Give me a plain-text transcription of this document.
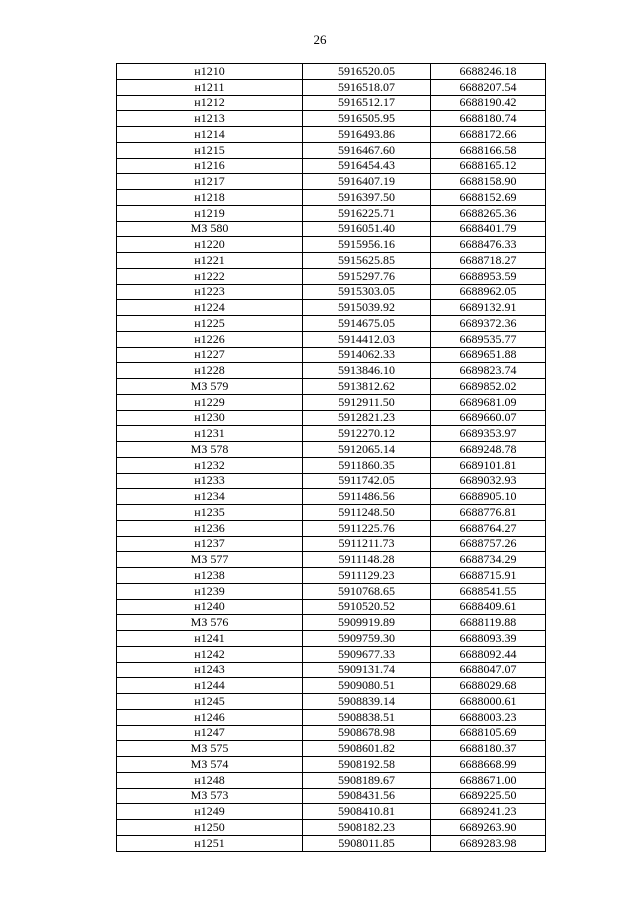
26
н1210	5916520.05	6688246.18
н1211	5916518.07	6688207.54
н1212	5916512.17	6688190.42
н1213	5916505.95	6688180.74
н1214	5916493.86	6688172.66
н1215	5916467.60	6688166.58
н1216	5916454.43	6688165.12
н1217	5916407.19	6688158.90
н1218	5916397.50	6688152.69
н1219	5916225.71	6688265.36
МЗ 580	5916051.40	6688401.79
н1220	5915956.16	6688476.33
н1221	5915625.85	6688718.27
н1222	5915297.76	6688953.59
н1223	5915303.05	6688962.05
н1224	5915039.92	6689132.91
н1225	5914675.05	6689372.36
н1226	5914412.03	6689535.77
н1227	5914062.33	6689651.88
н1228	5913846.10	6689823.74
МЗ 579	5913812.62	6689852.02
н1229	5912911.50	6689681.09
н1230	5912821.23	6689660.07
н1231	5912270.12	6689353.97
МЗ 578	5912065.14	6689248.78
н1232	5911860.35	6689101.81
н1233	5911742.05	6689032.93
н1234	5911486.56	6688905.10
н1235	5911248.50	6688776.81
н1236	5911225.76	6688764.27
н1237	5911211.73	6688757.26
МЗ 577	5911148.28	6688734.29
н1238	5911129.23	6688715.91
н1239	5910768.65	6688541.55
н1240	5910520.52	6688409.61
МЗ 576	5909919.89	6688119.88
н1241	5909759.30	6688093.39
н1242	5909677.33	6688092.44
н1243	5909131.74	6688047.07
н1244	5909080.51	6688029.68
н1245	5908839.14	6688000.61
н1246	5908838.51	6688003.23
н1247	5908678.98	6688105.69
МЗ 575	5908601.82	6688180.37
МЗ 574	5908192.58	6688668.99
н1248	5908189.67	6688671.00
МЗ 573	5908431.56	6689225.50
н1249	5908410.81	6689241.23
н1250	5908182.23	6689263.90
н1251	5908011.85	6689283.98
